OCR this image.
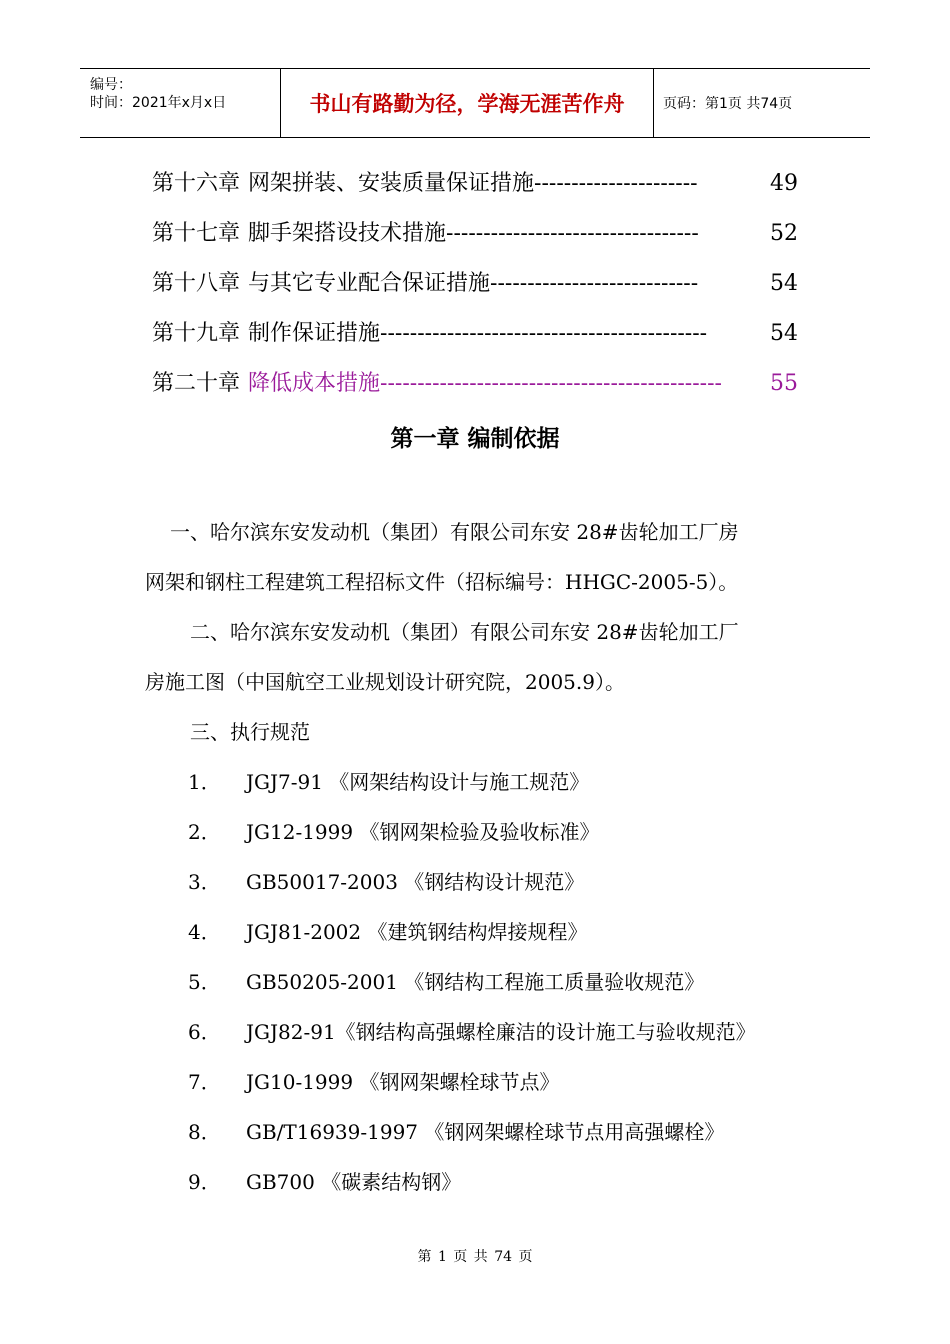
编号：
时间：2021年x月x日	书山有路勤为径，学海无涯苦作舟	页码：第1页 共74页
第十六章 网架拼装、安装质量保证措施 ----------------------	49
第十七章 脚手架搭设技术措施 ----------------------------------	52
第十八章 与其它专业配合保证措施 ----------------------------	54
第十九章 制作保证措施 --------------------------------------------	54
第二十章 降低成本措施 ----------------------------------------------	55
第一章 编制依据
一、哈尔滨东安发动机（集团）有限公司东安 28#齿轮加工厂房
网架和钢柱工程建筑工程招标文件（招标编号：HHGC-2005-5）。
二、哈尔滨东安发动机（集团）有限公司东安 28#齿轮加工厂
房施工图（中国航空工业规划设计研究院，2005.9）。
三、执行规范
1． JGJ7-91 《网架结构设计与施工规范》
2． JG12-1999 《钢网架检验及验收标准》
3． GB50017-2003 《钢结构设计规范》
4． JGJ81-2002 《建筑钢结构焊接规程》
5． GB50205-2001 《钢结构工程施工质量验收规范》
6． JGJ82-91《钢结构高强螺栓廉洁的设计施工与验收规范》
7． JG10-1999 《钢网架螺栓球节点》
8． GB/T16939-1997 《钢网架螺栓球节点用高强螺栓》
9． GB700 《碳素结构钢》
第 1 页 共 74 页
